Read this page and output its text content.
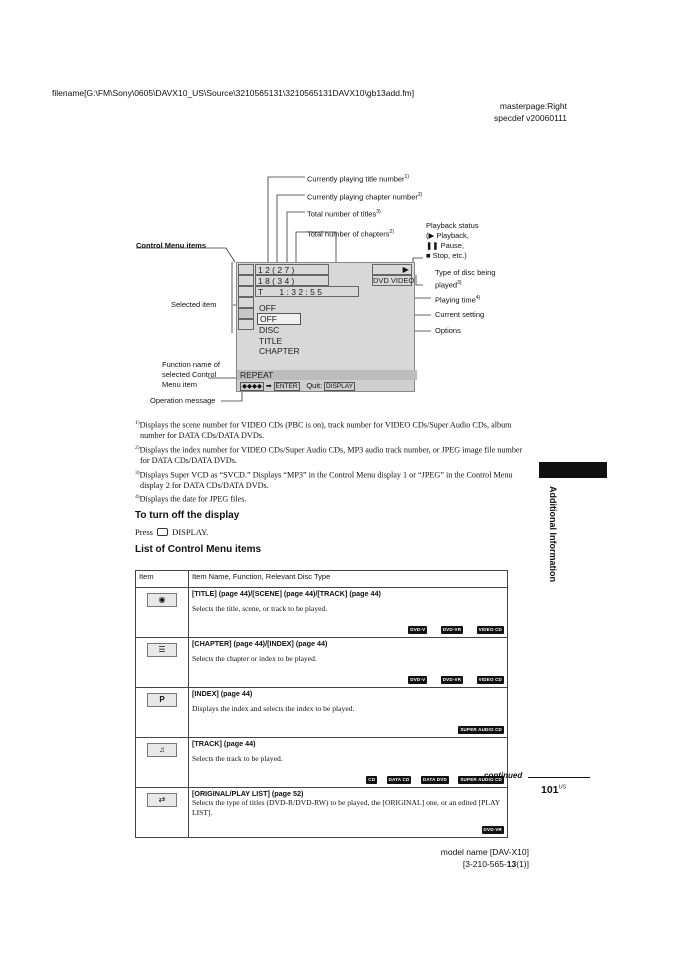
filename[G:\FM\Sony\0605\DAVX10_US\Source\3210565131\3210565131DAVX10\gb13add.fm]
masterpage:Right
specdef v20060111
Currently playing title number$^{1)}$
Currently playing chapter number$^{2)}$
Total number of titles$^{3)}$
Total number of chapters$^{2)}$
Control Menu items
Playback status
(▶ Playback,
❚❚ Pause,
■ Stop, etc.)
Type of disc being
played$^{3)}$
Playing time$^{4)}$
Current setting
Options
Selected item
Function name of
selected Control
Menu item
Operation message
1 2 ( 2 7 )
1 8 ( 3 4 )
T 1 : 3 2 : 5 5
▶
DVD VIDEO
OFF
OFF
DISC
TITLE
CHAPTER
REPEAT
◆◆◆◆ ➡ ENTER Quit: DISPLAY
$^{1)}$Displays the scene number for VIDEO CDs (PBC is on), track number for VIDEO CDs/Super Audio CDs, album number for DATA CDs/DATA DVDs.
$^{2)}$Displays the index number for VIDEO CDs/Super Audio CDs, MP3 audio track number, or JPEG image file number for DATA CDs/DATA DVDs.
$^{3)}$Displays Super VCD as “SVCD.” Displays “MP3” in the Control Menu display 1 or “JPEG” in the Control Menu display 2 for DATA CDs/DATA DVDs.
$^{4)}$Displays the date for JPEG files.
To turn off the display
Press DISPLAY.
List of Control Menu items
Item	Item Name, Function, Relevant Disc Type
◉	[TITLE] (page 44)/[SCENE] (page 44)/[TRACK] (page 44)
Selects the title, scene, or track to be played.
DVD-V DVD-VR VIDEO CD

☰	[CHAPTER] (page 44)/[INDEX] (page 44)
Selects the chapter or index to be played.
DVD-V DVD-VR VIDEO CD

P	[INDEX] (page 44)
Displays the index and selects the index to be played.
SUPER AUDIO CD

♫	[TRACK] (page 44)
Selects the track to be played.
CD DATA CD DATA DVD SUPER AUDIO CD

⇄	[ORIGINAL/PLAY LIST] (page 52)
Selects the type of titles (DVD-R/DVD-RW) to be played, the [ORIGINAL] one, or an edited [PLAY LIST].
DVD-VR
Additional Information
continued
$101^{US}$
model name [DAV-X10]
[3-210-565-13(1)]
